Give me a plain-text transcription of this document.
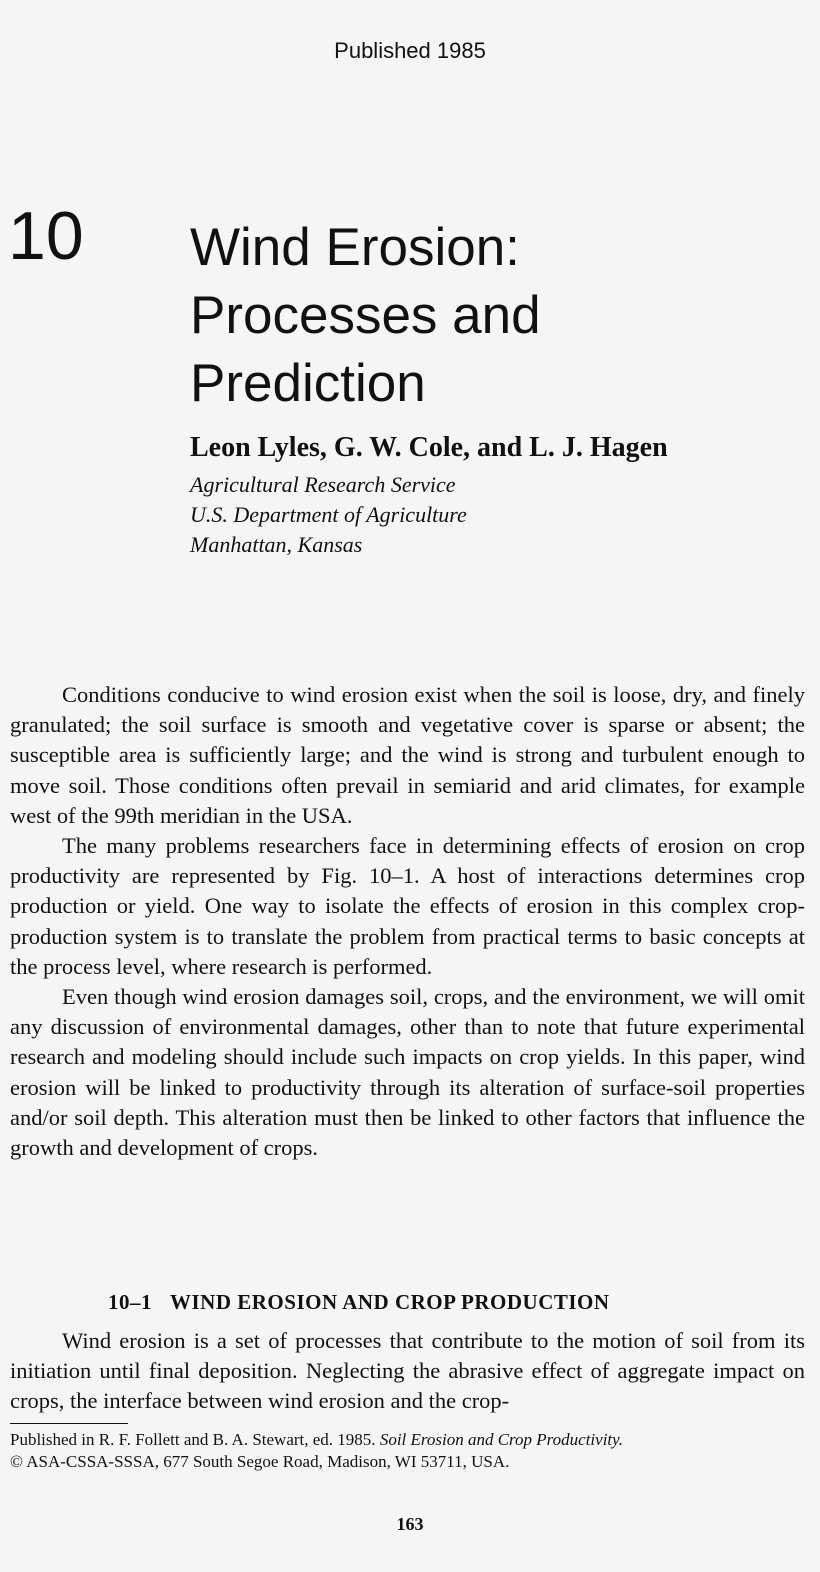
Published 1985
10 Wind Erosion:
Processes and
Prediction
Leon Lyles, G. W. Cole, and L. J. Hagen
Agricultural Research Service
U.S. Department of Agriculture
Manhattan, Kansas

Conditions conducive to wind erosion exist when the soil is loose, dry, and finely granulated; the soil surface is smooth and vegetative cover is sparse or absent; the susceptible area is sufficiently large; and the wind is strong and turbulent enough to move soil. Those conditions often prevail in semiarid and arid climates, for example west of the 99th meridian in the USA.

The many problems researchers face in determining effects of erosion on crop productivity are represented by Fig. 10–1. A host of interactions determines crop production or yield. One way to isolate the effects of erosion in this complex crop-production system is to translate the problem from practical terms to basic concepts at the process level, where research is performed.

Even though wind erosion damages soil, crops, and the environment, we will omit any discussion of environmental damages, other than to note that future experimental research and modeling should include such impacts on crop yields. In this paper, wind erosion will be linked to productivity through its alteration of surface-soil properties and/or soil depth. This alteration must then be linked to other factors that influence the growth and development of crops.

10–1 WIND EROSION AND CROP PRODUCTION

Wind erosion is a set of processes that contribute to the motion of soil from its initiation until final deposition. Neglecting the abrasive effect of aggregate impact on crops, the interface between wind erosion and the crop-

Published in R. F. Follett and B. A. Stewart, ed. 1985. Soil Erosion and Crop Productivity.
© ASA-CSSA-SSSA, 677 South Segoe Road, Madison, WI 53711, USA.
163
